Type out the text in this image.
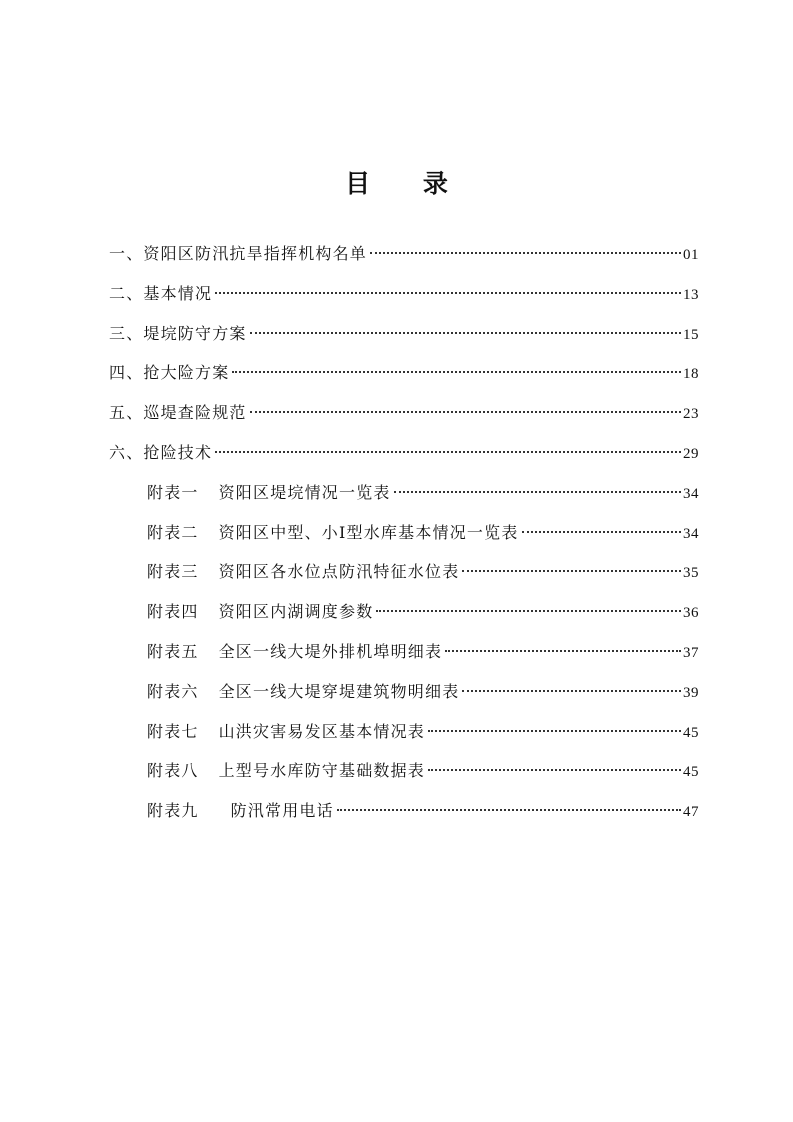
目 录
一、资阳区防汛抗旱指挥机构名单	01
二、基本情况	13
三、堤垸防守方案	15
四、抢大险方案	18
五、巡堤查险规范	23
六、抢险技术	29
附表一 资阳区堤垸情况一览表	34
附表二 资阳区中型、小Ⅰ型水库基本情况一览表	34
附表三 资阳区各水位点防汛特征水位表	35
附表四 资阳区内湖调度参数	36
附表五 全区一线大堤外排机埠明细表	37
附表六 全区一线大堤穿堤建筑物明细表	39
附表七 山洪灾害易发区基本情况表	45
附表八 上型号水库防守基础数据表	45
附表九 防汛常用电话	47
